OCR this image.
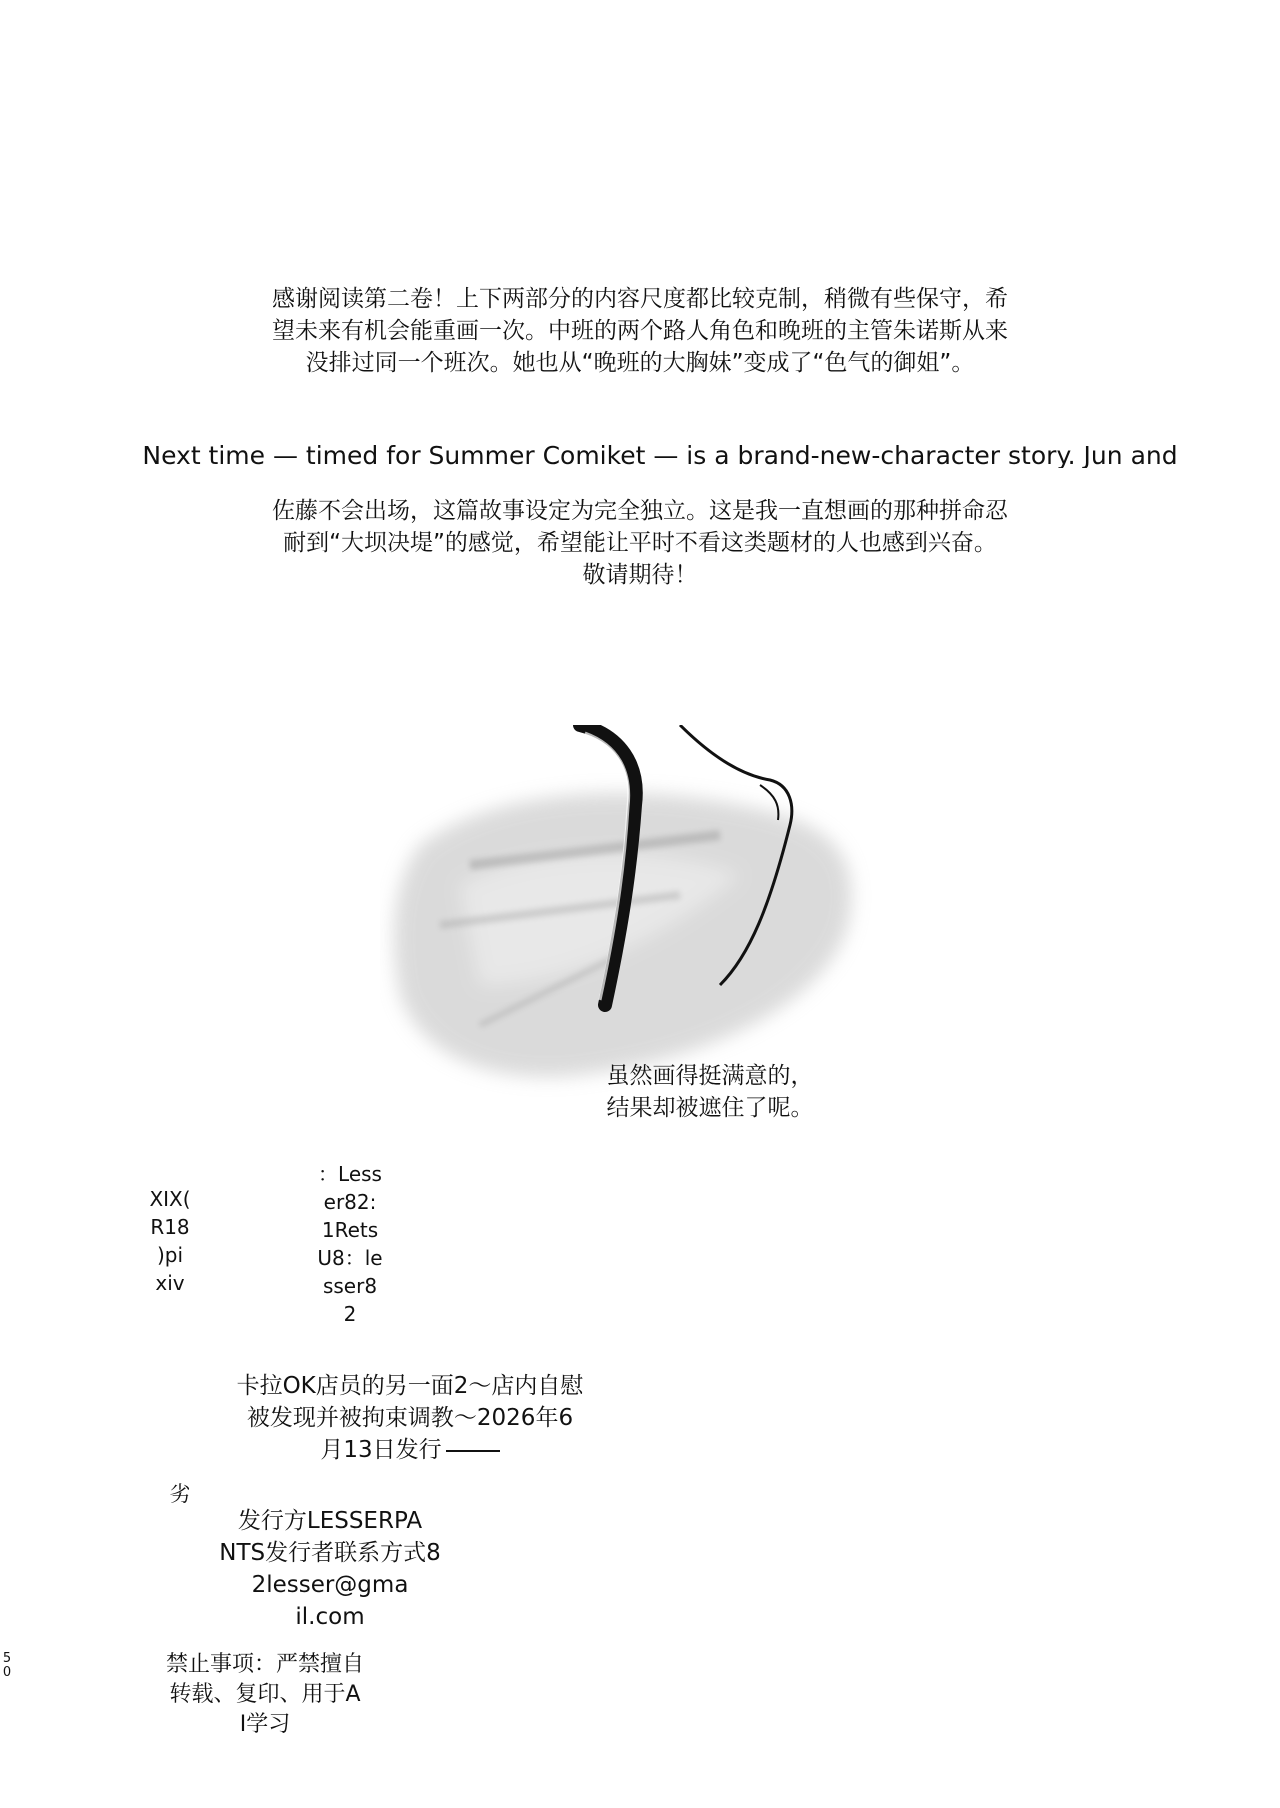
感谢阅读第二卷！上下两部分的内容尺度都比较克制，稍微有些保守，希

望未来有机会能重画一次。中班的两个路人角色和晚班的主管朱诺斯从来

没排过同一个班次。她也从“晚班的大胸妹”变成了“色气的御姐”。

Next time — timed for Summer Comiket — is a brand-new-character story. Jun and

佐藤不会出场，这篇故事设定为完全独立。这是我一直想画的那种拼命忍

耐到“大坝决堤”的感觉，希望能让平时不看这类题材的人也感到兴奋。

敬请期待！

虽然画得挺满意的，

结果却被遮住了呢。

XIX(

R18

)pi

xiv

：Less

er82:

1Rets

U8：le

sser8

2

卡拉OK店员的另一面2～店内自慰

被发现并被拘束调教～2026年6

月13日发行

劣

发行方LESSERPA

NTS发行者联系方式8

2lesser@gma

il.com

5

0	禁止事项：严禁擅自

转载、复印、用于A

I学习
